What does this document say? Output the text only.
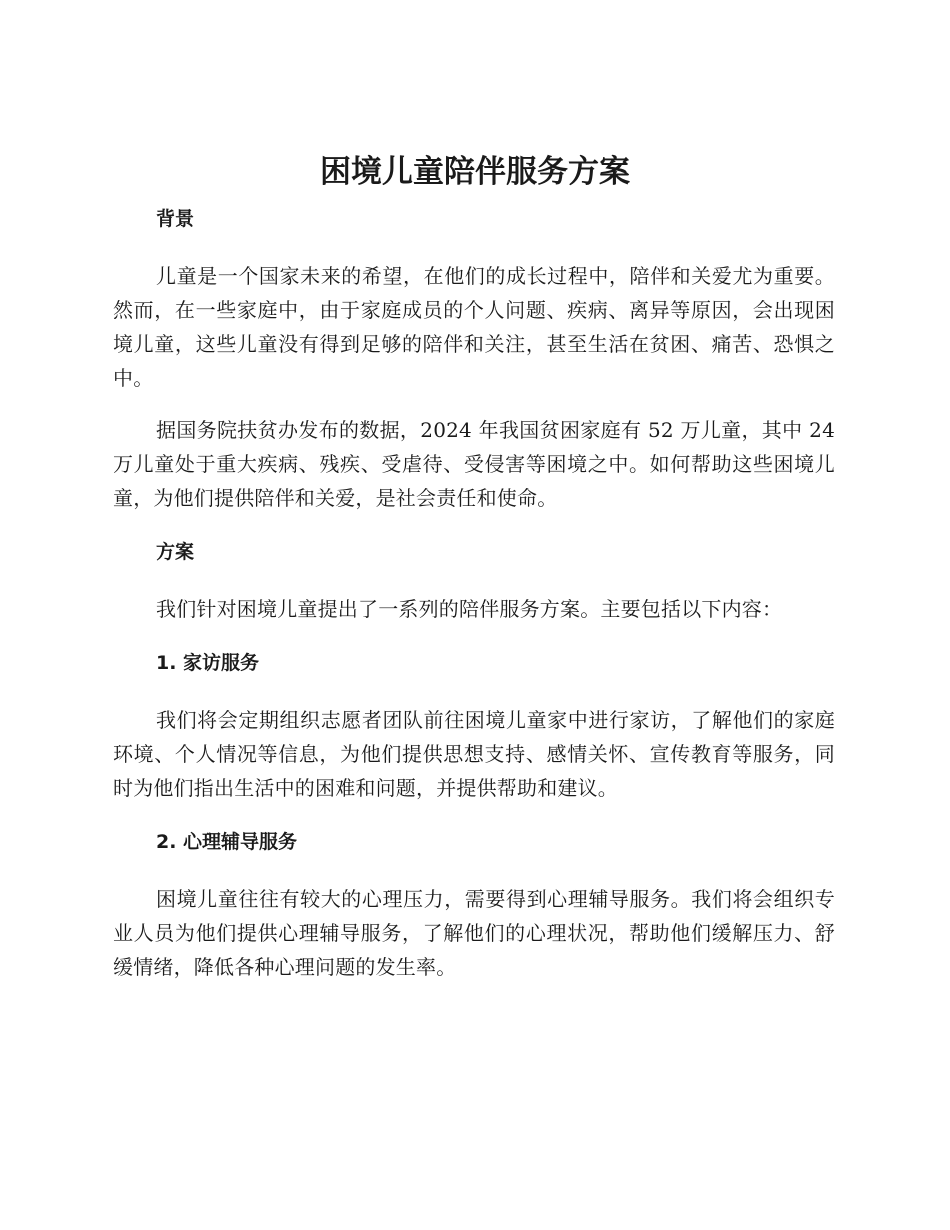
困境儿童陪伴服务方案

背景

儿童是一个国家未来的希望，在他们的成长过程中，陪伴和关爱尤为重要。然而，在一些家庭中，由于家庭成员的个人问题、疾病、离异等原因，会出现困境儿童，这些儿童没有得到足够的陪伴和关注，甚至生活在贫困、痛苦、恐惧之中。

据国务院扶贫办发布的数据，2024 年我国贫困家庭有 52 万儿童，其中 24 万儿童处于重大疾病、残疾、受虐待、受侵害等困境之中。如何帮助这些困境儿童，为他们提供陪伴和关爱，是社会责任和使命。

方案

我们针对困境儿童提出了一系列的陪伴服务方案。主要包括以下内容：

1. 家访服务

我们将会定期组织志愿者团队前往困境儿童家中进行家访，了解他们的家庭环境、个人情况等信息，为他们提供思想支持、感情关怀、宣传教育等服务，同时为他们指出生活中的困难和问题，并提供帮助和建议。

2. 心理辅导服务

困境儿童往往有较大的心理压力，需要得到心理辅导服务。我们将会组织专业人员为他们提供心理辅导服务，了解他们的心理状况，帮助他们缓解压力、舒缓情绪，降低各种心理问题的发生率。
